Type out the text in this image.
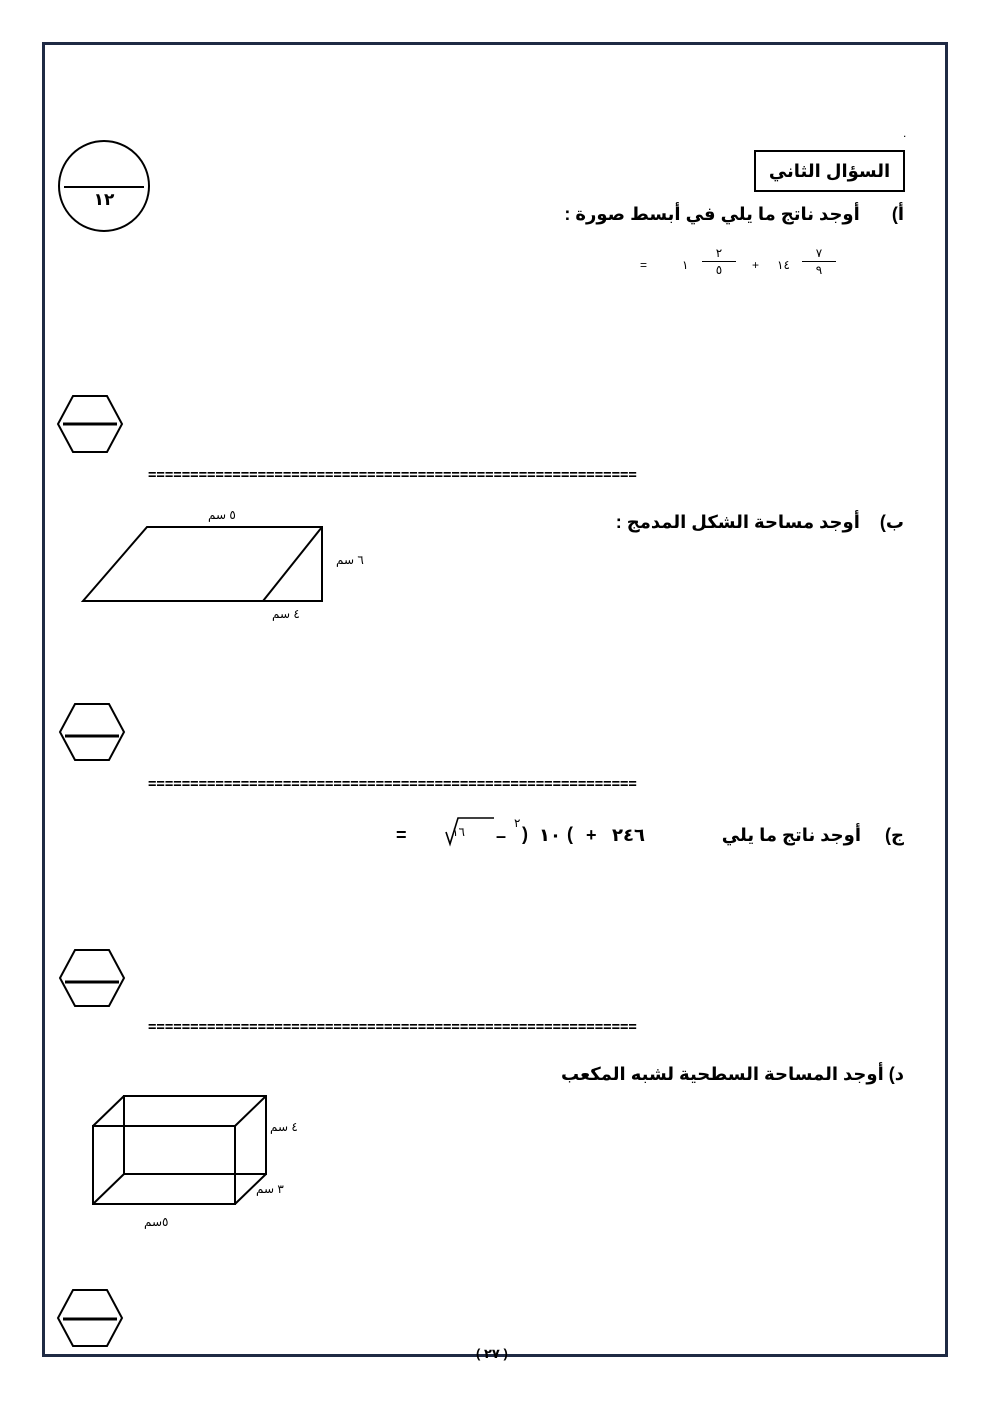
.
١٢
السؤال الثاني
أ)  أوجد ناتج ما يلي في أبسط صورة :
٧
٩
١٤
+
٢
٥
١
=
==========================================================
ب)  أوجد مساحة الشكل المدمج :
٥ سم
٦ سم
٤ سم
==========================================================
ج)  أوجد ناتج ما يلي
=	١٦ –
٢
) ١٠ ( + ٢٤٦
==========================================================
د) أوجد المساحة السطحية لشبه المكعب
٤ سم
٣ سم
٥سم
( ٢٧ )
